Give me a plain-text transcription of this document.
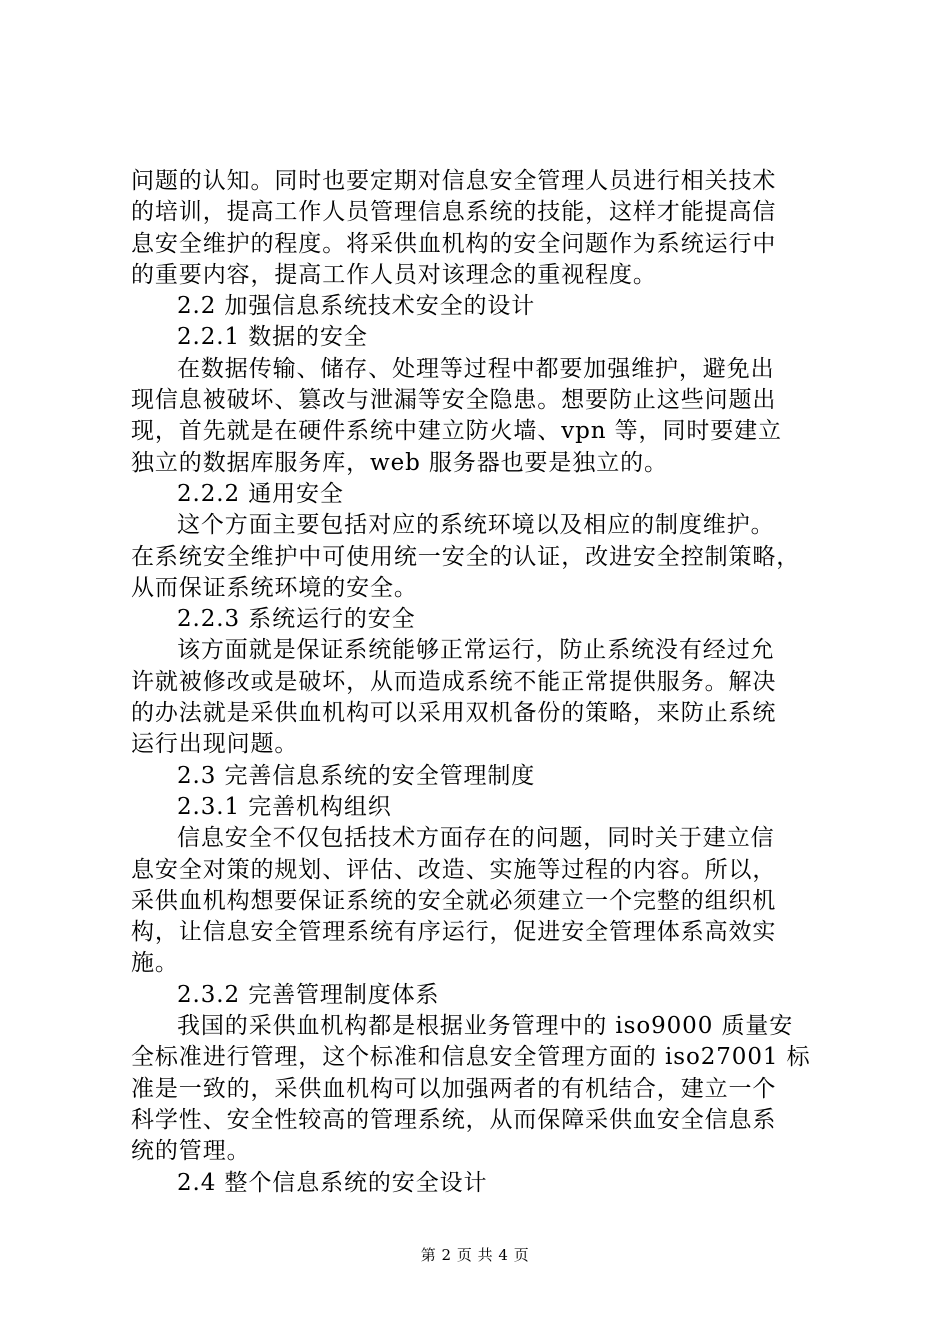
问题的认知。同时也要定期对信息安全管理人员进行相关技术

的培训，提高工作人员管理信息系统的技能，这样才能提高信

息安全维护的程度。将采供血机构的安全问题作为系统运行中

的重要内容，提高工作人员对该理念的重视程度。

2.2 加强信息系统技术安全的设计

2.2.1 数据的安全

在数据传输、储存、处理等过程中都要加强维护，避免出

现信息被破坏、篡改与泄漏等安全隐患。想要防止这些问题出

现，首先就是在硬件系统中建立防火墙、vpn 等，同时要建立

独立的数据库服务库，web 服务器也要是独立的。

2.2.2 通用安全

这个方面主要包括对应的系统环境以及相应的制度维护。

在系统安全维护中可使用统一安全的认证，改进安全控制策略，

从而保证系统环境的安全。

2.2.3 系统运行的安全

该方面就是保证系统能够正常运行，防止系统没有经过允

许就被修改或是破坏，从而造成系统不能正常提供服务。解决

的办法就是采供血机构可以采用双机备份的策略，来防止系统

运行出现问题。

2.3 完善信息系统的安全管理制度

2.3.1 完善机构组织

信息安全不仅包括技术方面存在的问题，同时关于建立信

息安全对策的规划、评估、改造、实施等过程的内容。所以，

采供血机构想要保证系统的安全就必须建立一个完整的组织机

构，让信息安全管理系统有序运行，促进安全管理体系高效实

施。

2.3.2 完善管理制度体系

我国的采供血机构都是根据业务管理中的 iso9000 质量安

全标准进行管理，这个标准和信息安全管理方面的 iso27001 标

准是一致的，采供血机构可以加强两者的有机结合，建立一个

科学性、安全性较高的管理系统，从而保障采供血安全信息系

统的管理。

2.4 整个信息系统的安全设计

第 2 页 共 4 页
